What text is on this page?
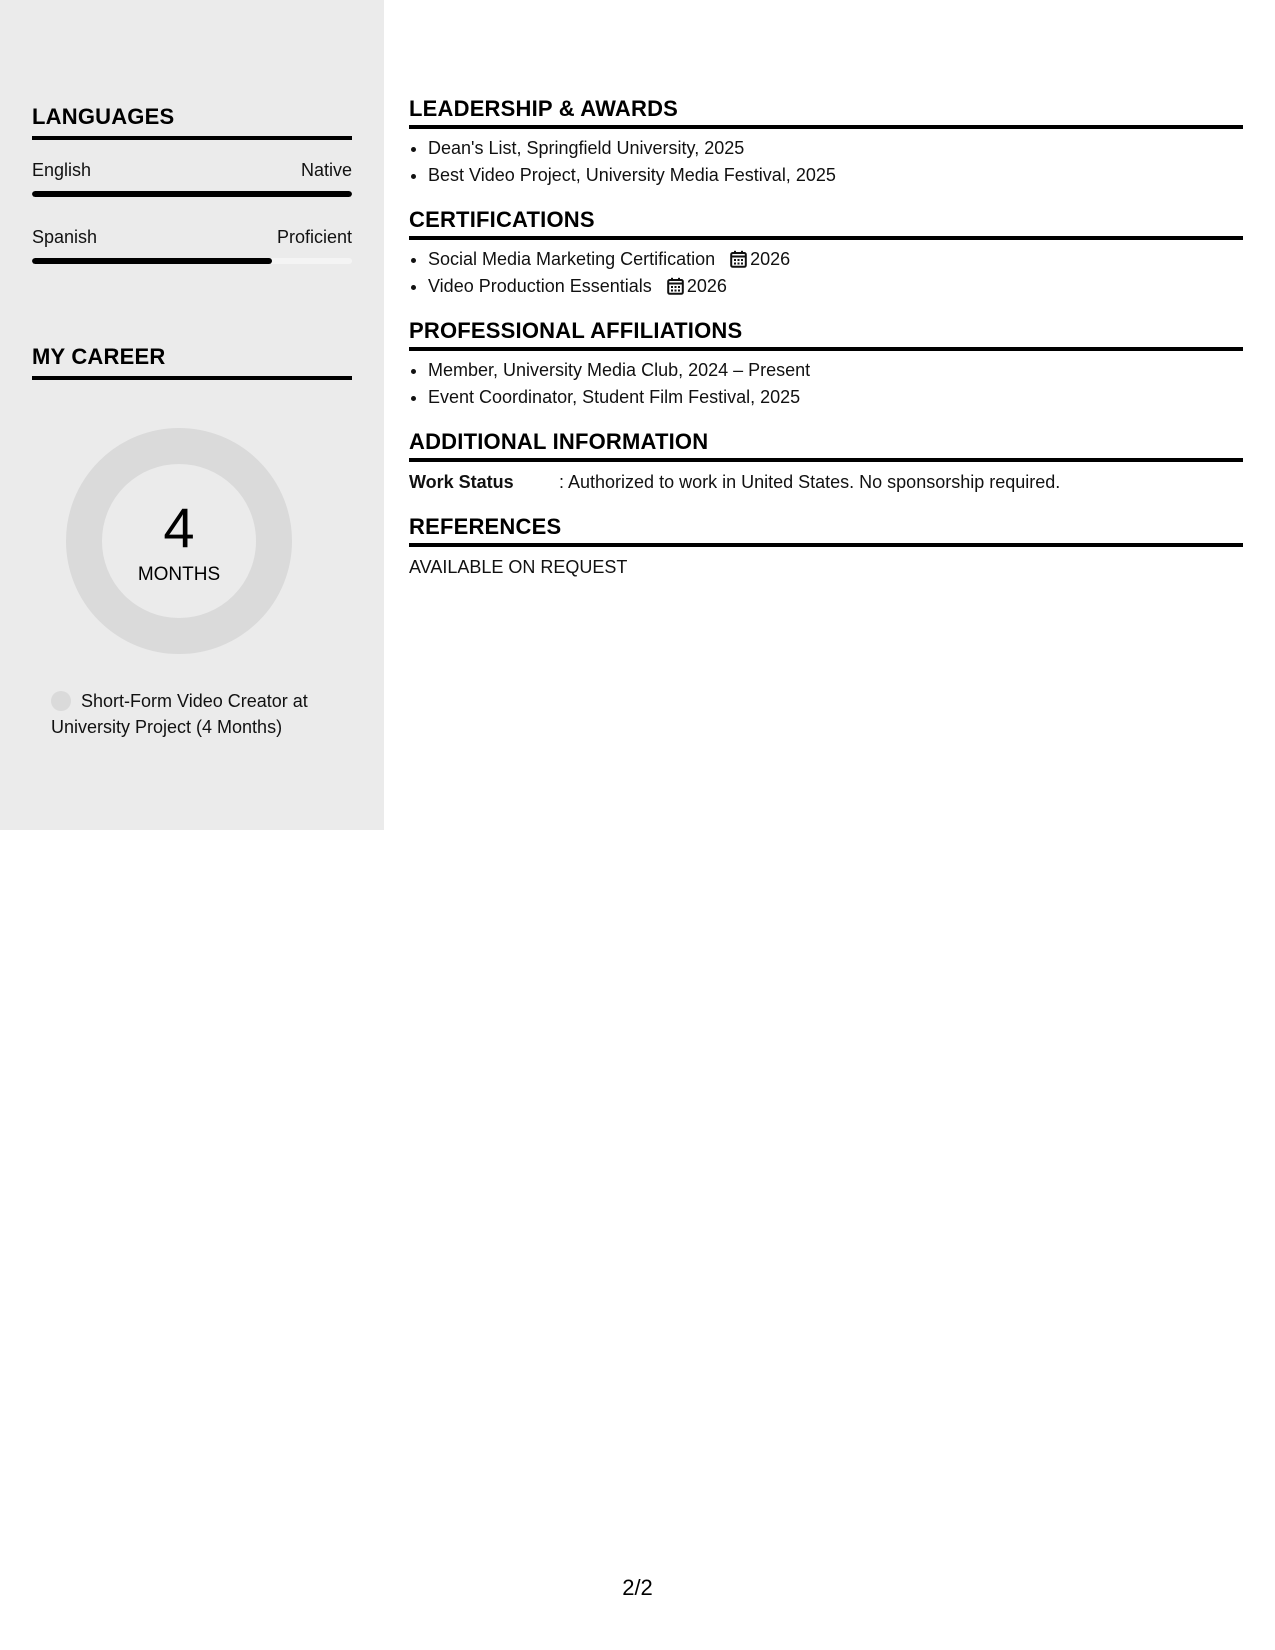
LANGUAGES
English	Native
Spanish	Proficient
MY CAREER
4
MONTHS
Short-Form Video Creator at University Project (4 Months)
LEADERSHIP & AWARDS
• Dean's List, Springfield University, 2025
• Best Video Project, University Media Festival, 2025
CERTIFICATIONS
• Social Media Marketing Certification 2026
• Video Production Essentials 2026
PROFESSIONAL AFFILIATIONS
• Member, University Media Club, 2024 – Present
• Event Coordinator, Student Film Festival, 2025
ADDITIONAL INFORMATION
Work Status	: Authorized to work in United States. No sponsorship required.
REFERENCES
AVAILABLE ON REQUEST
2/2
